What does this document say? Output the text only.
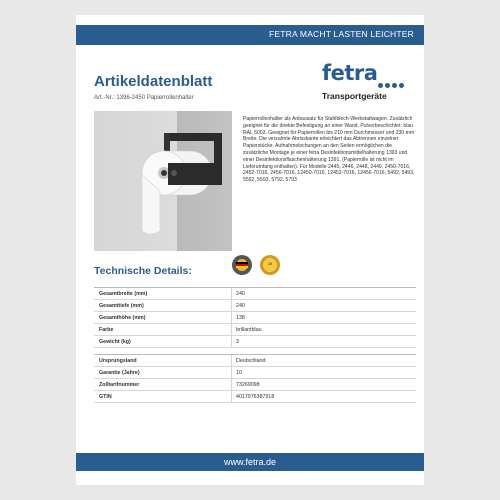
FETRA MACHT LASTEN LEICHTER
Artikeldatenblatt
Art.-Nr.: 1396-2450 Papierrollenhalter
fetra
Transportgeräte
Papierrollenhalter als Anbausatz für Stahlblech-Werkstattwagen. Zusätzlich geeignet für die direkte Befestigung an einer Wand. Pulverbeschichtet: blau RAL 5002. Geeignet für Papierrollen bis 210 mm Durchmesser und 230 mm Breite. Die verzahnte Abrisskante erleichtert das Abtrennen einzelner Papierstücke. Aufnahmelochungen an den Seiten ermöglichen die zusätzliche Montage je einer fetra Desinfektionsmittelhalterung 1393 und einer Desinfektionsflaschenhalterung 1391. (Papierrolle ist nicht im Lieferumfang enthalten). Für Modelle 2445, 2446, 2448, 2449, 2450-7016, 2452-7016, 2456-7016, 12450-7016, 12452-7016, 12456-7016, 5492, 5493, 5592, 5593, 5792, 5793
Technische Details:
10
Gesamtbreite (mm)	240
Gesamttiefe (mm)	240
Gesamthöhe (mm)	138
Farbe	brillantblau
Gewicht (kg)	3
Ursprungsland	Deutschland
Garantie (Jahre)	10
Zolltarifnummer	73269098
GTIN	4017976387918
www.fetra.de
